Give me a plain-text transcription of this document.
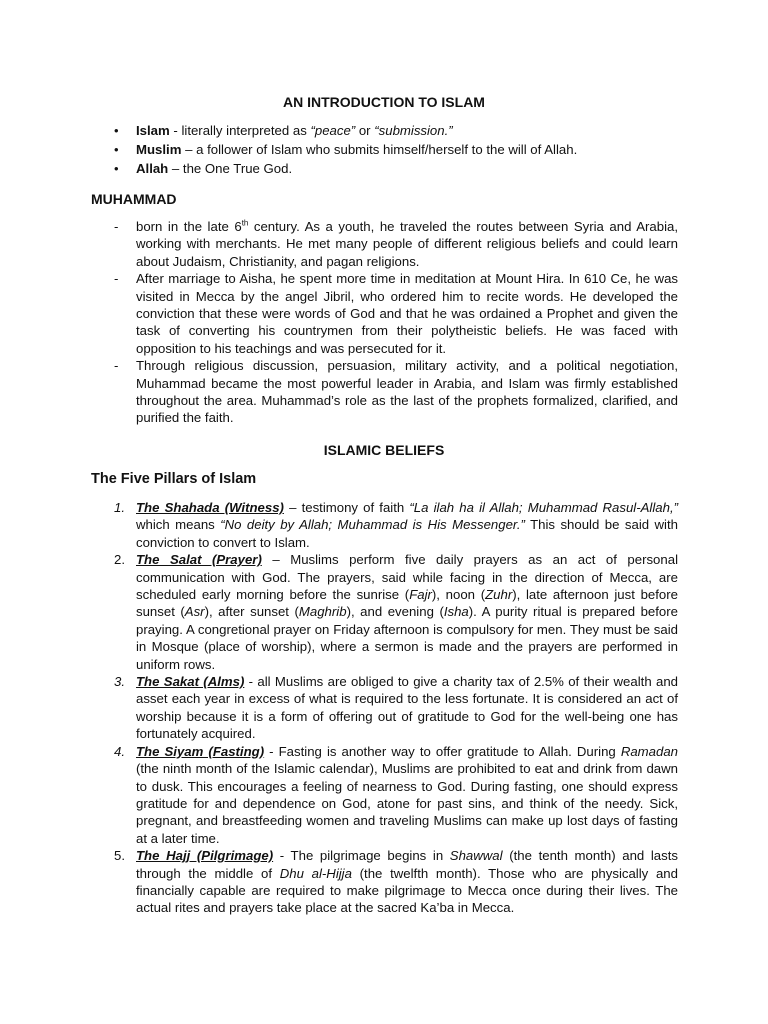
AN INTRODUCTION TO ISLAM
• Islam - literally interpreted as “peace” or “submission.”
• Muslim – a follower of Islam who submits himself/herself to the will of Allah.
• Allah – the One True God.
MUHAMMAD
- born in the late 6th century. As a youth, he traveled the routes between Syria and Arabia, working with merchants. He met many people of different religious beliefs and could learn about Judaism, Christianity, and pagan religions.
- After marriage to Aisha, he spent more time in meditation at Mount Hira. In 610 Ce, he was visited in Mecca by the angel Jibril, who ordered him to recite words. He developed the conviction that these were words of God and that he was ordained a Prophet and given the task of converting his countrymen from their polytheistic beliefs. He was faced with opposition to his teachings and was persecuted for it.
- Through religious discussion, persuasion, military activity, and a political negotiation, Muhammad became the most powerful leader in Arabia, and Islam was firmly established throughout the area. Muhammad’s role as the last of the prophets formalized, clarified, and purified the faith.
ISLAMIC BELIEFS
The Five Pillars of Islam
1. The Shahada (Witness) – testimony of faith “La ilah ha il Allah; Muhammad Rasul-Allah,” which means “No deity by Allah; Muhammad is His Messenger.” This should be said with conviction to convert to Islam.
2. The Salat (Prayer) – Muslims perform five daily prayers as an act of personal communication with God. The prayers, said while facing in the direction of Mecca, are scheduled early morning before the sunrise (Fajr), noon (Zuhr), late afternoon just before sunset (Asr), after sunset (Maghrib), and evening (Isha). A purity ritual is prepared before praying. A congretional prayer on Friday afternoon is compulsory for men. They must be said in Mosque (place of worship), where a sermon is made and the prayers are performed in uniform rows.
3. The Sakat (Alms) - all Muslims are obliged to give a charity tax of 2.5% of their wealth and asset each year in excess of what is required to the less fortunate. It is considered an act of worship because it is a form of offering out of gratitude to God for the well-being one has fortunately acquired.
4. The Siyam (Fasting) - Fasting is another way to offer gratitude to Allah. During Ramadan (the ninth month of the Islamic calendar), Muslims are prohibited to eat and drink from dawn to dusk. This encourages a feeling of nearness to God. During fasting, one should express gratitude for and dependence on God, atone for past sins, and think of the needy. Sick, pregnant, and breastfeeding women and traveling Muslims can make up lost days of fasting at a later time.
5. The Hajj (Pilgrimage) - The pilgrimage begins in Shawwal (the tenth month) and lasts through the middle of Dhu al-Hijja (the twelfth month). Those who are physically and financially capable are required to make pilgrimage to Mecca once during their lives. The actual rites and prayers take place at the sacred Ka’ba in Mecca.
